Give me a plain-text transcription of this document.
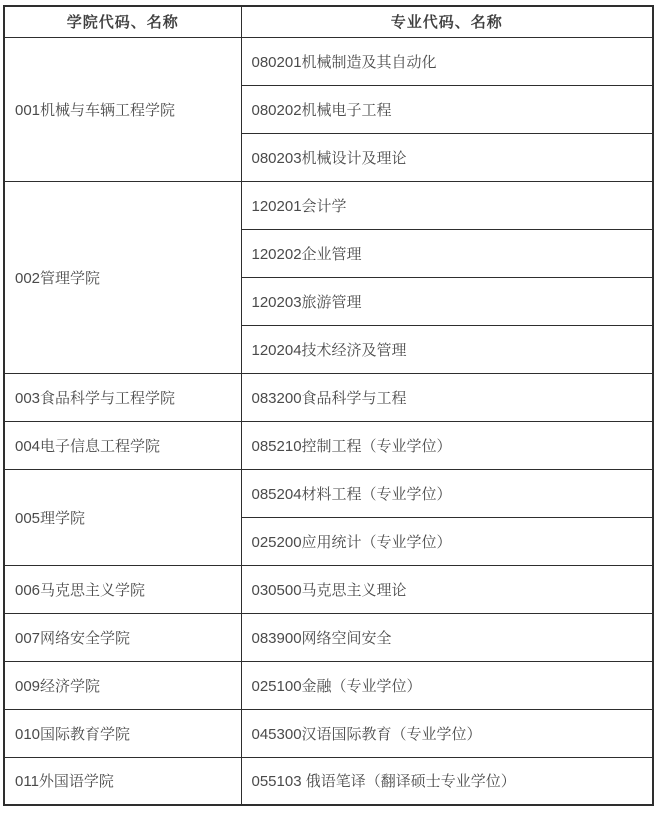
学院代码、名称	专业代码、名称
001机械与车辆工程学院	080201机械制造及其自动化
	080202机械电子工程
	080203机械设计及理论
002管理学院	120201会计学
	120202企业管理
	120203旅游管理
	120204技术经济及管理
003食品科学与工程学院	083200食品科学与工程
004电子信息工程学院	085210控制工程（专业学位）
005理学院	085204材料工程（专业学位）
	025200应用统计（专业学位）
006马克思主义学院	030500马克思主义理论
007网络安全学院	083900网络空间安全
009经济学院	025100金融（专业学位）
010国际教育学院	045300汉语国际教育（专业学位）
011外国语学院	055103 俄语笔译（翻译硕士专业学位）
